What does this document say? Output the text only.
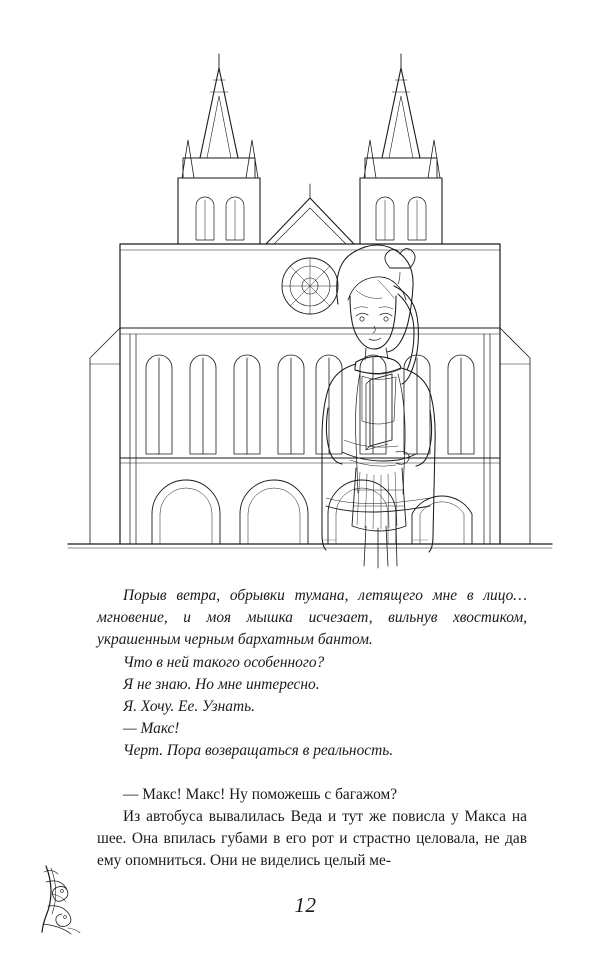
Порыв ветра, обрывки тумана, летящего мне в лицо… мгновение, и моя мышка исчезает, вильнув хвостиком, украшенным черным бархатным бантом.

Что в ней такого особенного?

Я не знаю. Но мне интересно.

Я. Хочу. Ее. Узнать.

— Макс!

Черт. Пора возвращаться в реальность.

— Макс! Макс! Ну поможешь с багажом?

Из автобуса вывалилась Веда и тут же повисла у Макса на шее. Она впилась губами в его рот и страстно целовала, не дав ему опомниться. Они не виделись целый ме-

12
